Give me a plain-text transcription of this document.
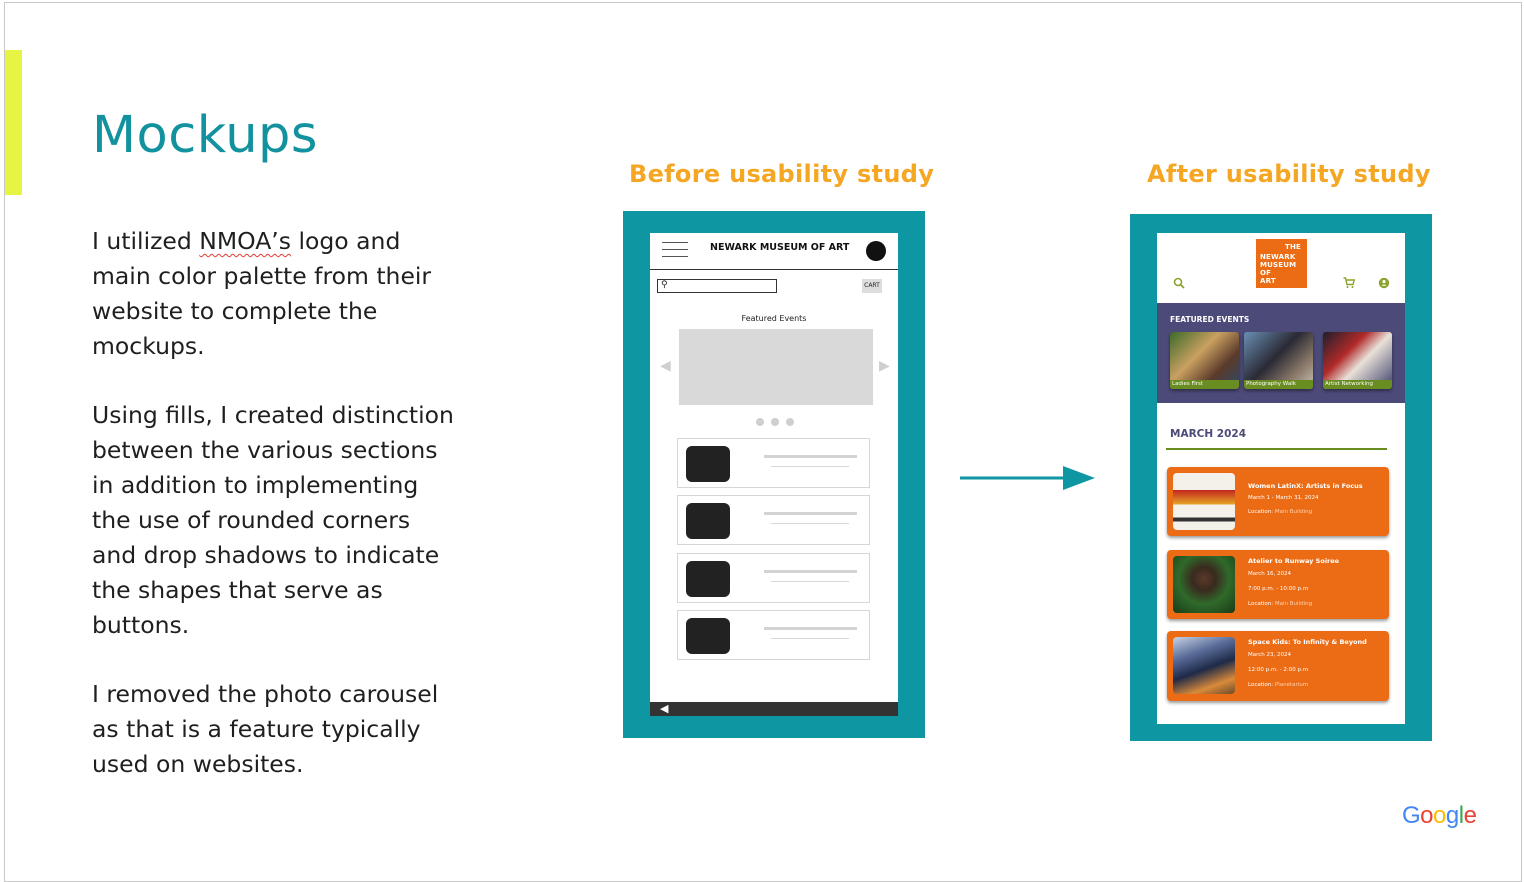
Mockups
I utilized NMOA’s logo and
main color palette from their
website to complete the
mockups.
Using fills, I created distinction
between the various sections
in addition to implementing
the use of rounded corners
and drop shadows to indicate
the shapes that serve as
buttons.
I removed the photo carousel
as that is a feature typically
used on websites.
Before usability study	After usability study
NEWARK MUSEUM OF ART
⚲	CART
Featured Events
◀	▶
◀
THE
NEWARK
MUSEUM
OF
ART
FEATURED EVENTS
Ladies First	Photography Walk	Artist Networking
MARCH 2024
Women LatinX: Artists in Focus
March 1 - March 31, 2024
Location: Main Building
Atelier to Runway Soiree
March 16, 2024
7:00 p.m. - 10:00 p.m
Location: Main Building
Space Kids: To Infinity & Beyond
March 23, 2024
12:00 p.m. - 2:00 p.m
Location: Planetarium
Google
